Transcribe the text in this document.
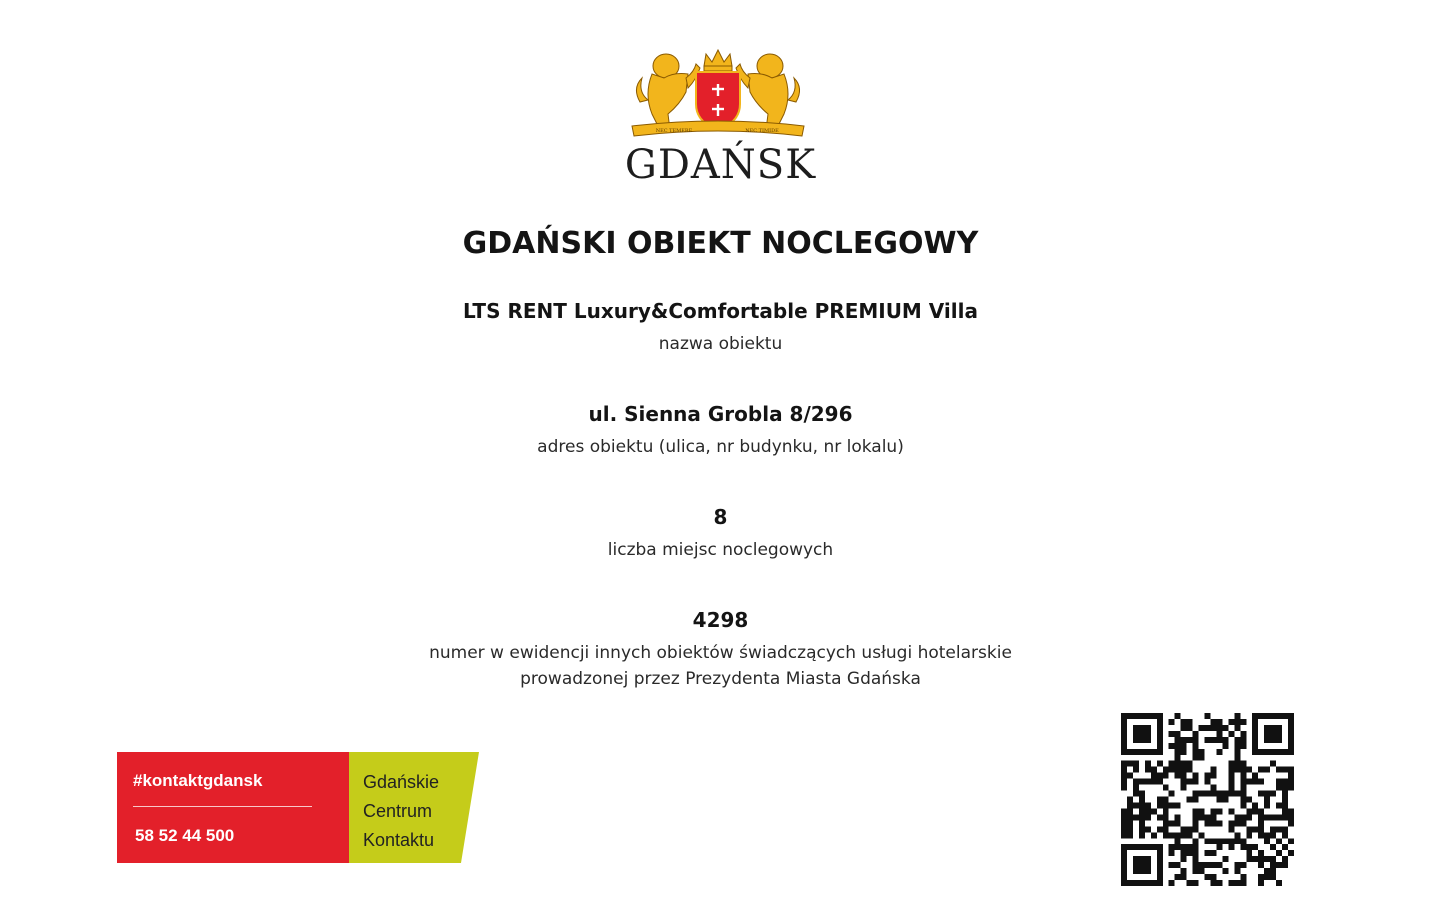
NEC TEMERE	NEC TIMIDE
GDAŃSK
GDAŃSKI OBIEKT NOCLEGOWY
LTS RENT Luxury&Comfortable PREMIUM Villa
nazwa obiektu
ul. Sienna Grobla 8/296
adres obiektu (ulica, nr budynku, nr lokalu)
8
liczba miejsc noclegowych
4298
numer w ewidencji innych obiektów świadczących usługi hotelarskie
prowadzonej przez Prezydenta Miasta Gdańska
#kontaktgdansk
58 52 44 500
Gdańskie
Centrum
Kontaktu
